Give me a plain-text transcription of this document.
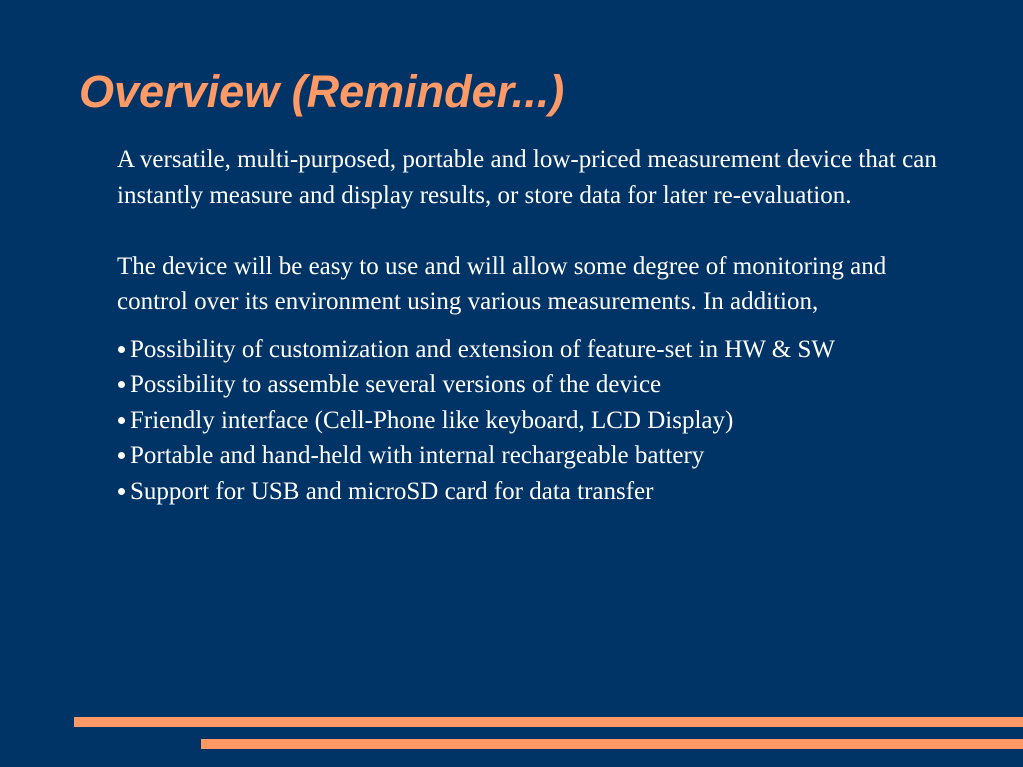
Overview (Reminder...)

A versatile, multi-purposed, portable and low-priced measurement device that can instantly measure and display results, or store data for later re-evaluation.

The device will be easy to use and will allow some degree of monitoring and control over its environment using various measurements. In addition,

Possibility of customization and extension of feature-set in HW & SW
Possibility to assemble several versions of the device
Friendly interface (Cell-Phone like keyboard, LCD Display)
Portable and hand-held with internal rechargeable battery
Support for USB and microSD card for data transfer
